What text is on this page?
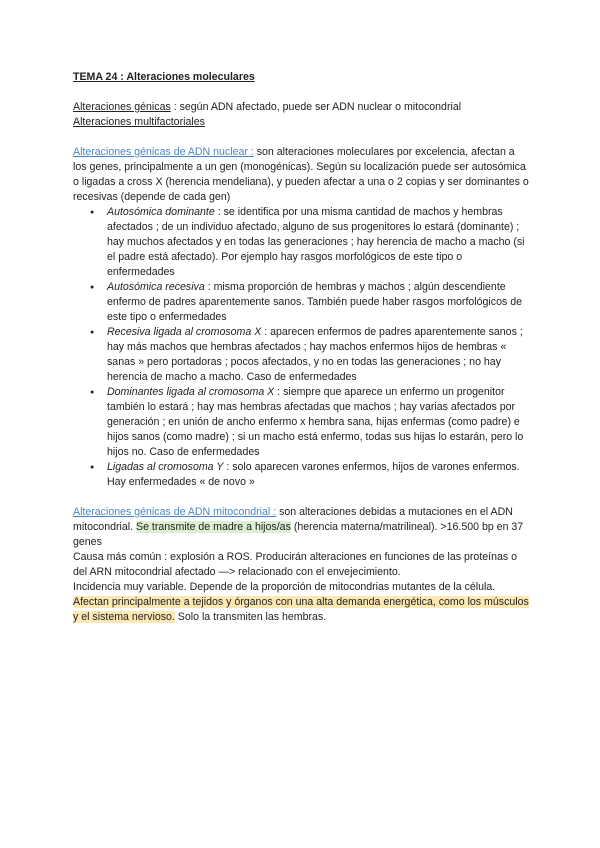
TEMA 24 : Alteraciones moleculares

Alteraciones génicas : según ADN afectado, puede ser ADN nuclear o mitocondrial

Alteraciones multifactoriales

Alteraciones génicas de ADN nuclear : son alteraciones moleculares por excelencia, afectan a los genes, principalmente a un gen (monogénicas). Según su localización puede ser autosómica o ligadas a cross X (herencia mendeliana), y pueden afectar a una o 2 copias y ser dominantes o recesivas (depende de cada gen)

● Autosómica dominante : se identifica por una misma cantidad de machos y hembras afectados ; de un individuo afectado, alguno de sus progenitores lo estará (dominante) ; hay muchos afectados y en todas las generaciones ; hay herencia de macho a macho (si el padre está afectado). Por ejemplo hay rasgos morfológicos de este tipo o enfermedades
● Autosómica recesiva : misma proporción de hembras y machos ; algún descendiente enfermo de padres aparentemente sanos. También puede haber rasgos morfológicos de este tipo o enfermedades
● Recesiva ligada al cromosoma X : aparecen enfermos de padres aparentemente sanos ; hay más machos que hembras afectados ; hay machos enfermos hijos de hembras « sanas » pero portadoras ; pocos afectados, y no en todas las generaciones ; no hay herencia de macho a macho. Caso de enfermedades
● Dominantes ligada al cromosoma X : siempre que aparece un enfermo un progenitor también lo estará ; hay mas hembras afectadas que machos ; hay varias afectados por generación ; en unión de ancho enfermo x hembra sana, hijas enfermas (como padre) e hijos sanos (como madre) ; si un macho está enfermo, todas sus hijas lo estarán, pero lo hijos no. Caso de enfermedades
● Ligadas al cromosoma Y : solo aparecen varones enfermos, hijos de varones enfermos. Hay enfermedades « de novo »

Alteraciones génicas de ADN mitocondrial : son alteraciones debidas a mutaciones en el ADN mitocondrial. Se transmite de madre a hijos/as (herencia materna/matrilineal). >16.500 bp en 37 genes

Causa más común : explosión a ROS. Producirán alteraciones en funciones de las proteínas o del ARN mitocondrial afectado —> relacionado con el envejecimiento.

Incidencia muy variable. Depende de la proporción de mitocondrias mutantes de la célula.

Afectan principalmente a tejidos y órganos con una alta demanda energética, como los músculos y el sistema nervioso. Solo la transmiten las hembras.
